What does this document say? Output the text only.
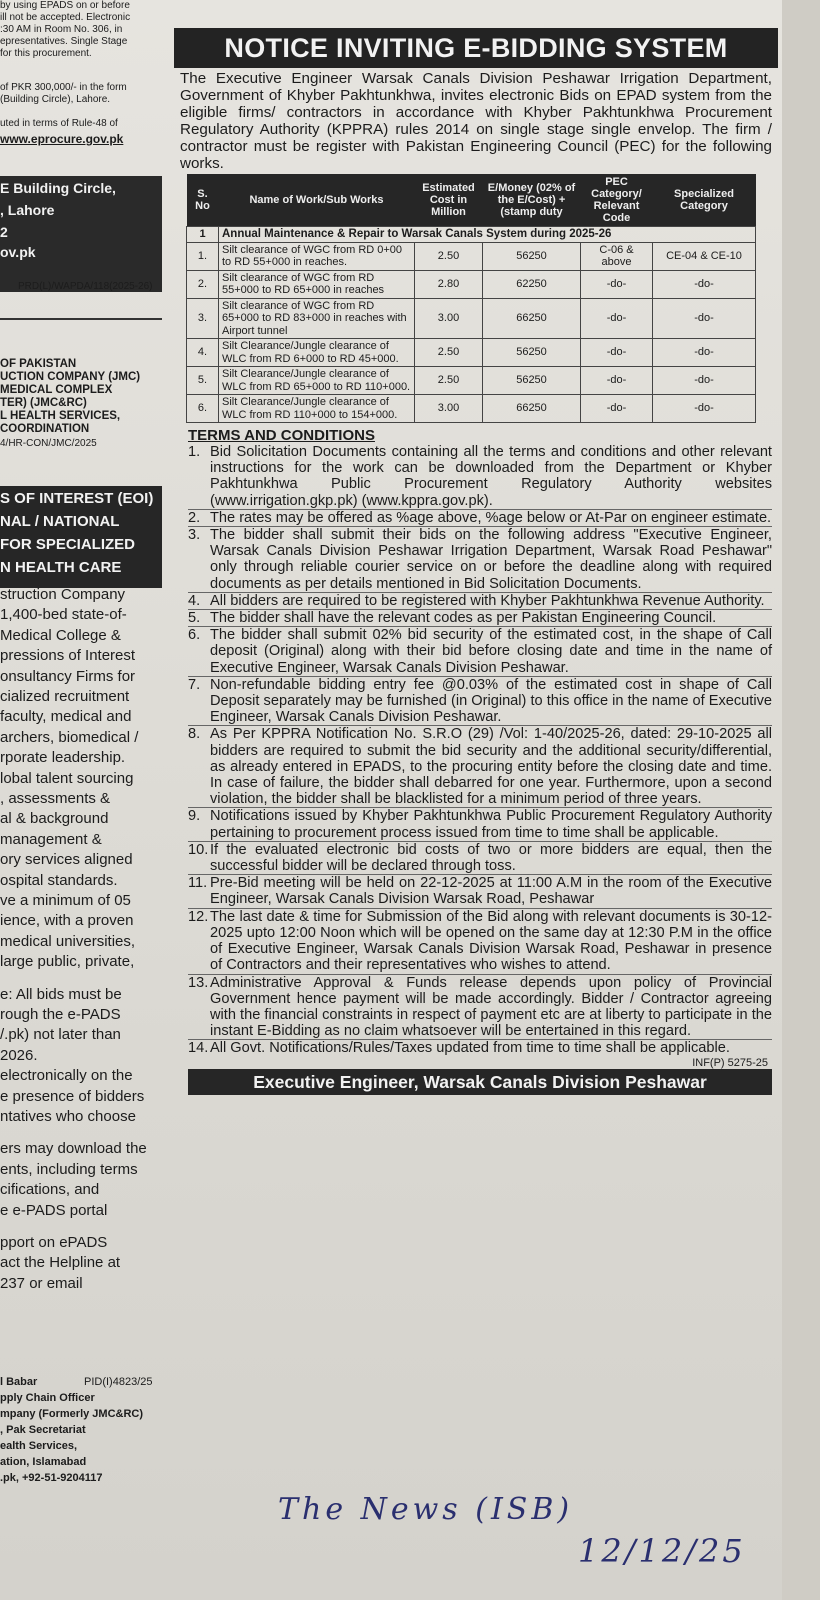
by using EPADS on or before
ill not be accepted. Electronic
:30 AM in Room No. 306, in
epresentatives. Single Stage
for this procurement.
of PKR 300,000/- in the form
(Building Circle), Lahore.
uted in terms of Rule-48 of
www.eprocure.gov.pk
E Building Circle,
, Lahore
2
ov.pk
PRD(L)/WAPDA/118(2025-26)
OF PAKISTAN
UCTION COMPANY (JMC)
MEDICAL COMPLEX
TER) (JMC&RC)
L HEALTH SERVICES,
COORDINATION
4/HR-CON/JMC/2025
S OF INTEREST (EOI)
NAL / NATIONAL
FOR SPECIALIZED
N HEALTH CARE
struction Company
1,400-bed state-of-
Medical College &
pressions of Interest
onsultancy Firms for
cialized recruitment
faculty, medical and
archers, biomedical /
rporate leadership.
lobal talent sourcing
, assessments &
al & background
management &
ory services aligned
ospital standards.
ve a minimum of 05
ience, with a proven
medical universities,
large public, private,
e: All bids must be
rough the e-PADS
/.pk) not later than
2026.
electronically on the
e presence of bidders
ntatives who choose
ers may download the
ents, including terms
cifications, and
e e-PADS portal
pport on ePADS
act the Helpline at
237 or email
l Babar	PID(I)4823/25
pply Chain Officer
mpany (Formerly JMC&RC)
, Pak Secretariat
ealth Services,
ation, Islamabad
.pk, +92-51-9204117
NOTICE INVITING E-BIDDING SYSTEM
The Executive Engineer Warsak Canals Division Peshawar Irrigation Department, Government of Khyber Pakhtunkhwa, invites electronic Bids on EPAD system from the eligible firms/ contractors in accordance with Khyber Pakhtunkhwa Procurement Regulatory Authority (KPPRA) rules 2014 on single stage single envelop. The firm / contractor must be register with Pakistan Engineering Council (PEC) for the following works.
S. No	Name of Work/Sub Works	Estimated Cost in Million	E/Money (02% of the E/Cost) + (stamp duty	PEC Category/ Relevant Code	Specialized Category
1	Annual Maintenance & Repair to Warsak Canals System during 2025-26				
1.	Silt clearance of WGC from RD 0+00 to RD 55+000 in reaches.	2.50	56250	C-06 & above	CE-04 & CE-10
2.	Silt clearance of WGC from RD 55+000 to RD 65+000 in reaches	2.80	62250	-do-	-do-
3.	Silt clearance of WGC from RD 65+000 to RD 83+000 in reaches with Airport tunnel	3.00	66250	-do-	-do-
4.	Silt Clearance/Jungle clearance of WLC from RD 6+000 to RD 45+000.	2.50	56250	-do-	-do-
5.	Silt Clearance/Jungle clearance of WLC from RD 65+000 to RD 110+000.	2.50	56250	-do-	-do-
6.	Silt Clearance/Jungle clearance of WLC from RD 110+000 to 154+000.	3.00	66250	-do-	-do-
TERMS AND CONDITIONS
1. Bid Solicitation Documents containing all the terms and conditions and other relevant instructions for the work can be downloaded from the Department or Khyber Pakhtunkhwa Public Procurement Regulatory Authority websites (www.irrigation.gkp.pk) (www.kppra.gov.pk).
2. The rates may be offered as %age above, %age below or At-Par on engineer estimate.
3. The bidder shall submit their bids on the following address "Executive Engineer, Warsak Canals Division Peshawar Irrigation Department, Warsak Road Peshawar" only through reliable courier service on or before the deadline along with required documents as per details mentioned in Bid Solicitation Documents.
4. All bidders are required to be registered with Khyber Pakhtunkhwa Revenue Authority.
5. The bidder shall have the relevant codes as per Pakistan Engineering Council.
6. The bidder shall submit 02% bid security of the estimated cost, in the shape of Call deposit (Original) along with their bid before closing date and time in the name of Executive Engineer, Warsak Canals Division Peshawar.
7. Non-refundable bidding entry fee @0.03% of the estimated cost in shape of Call Deposit separately may be furnished (in Original) to this office in the name of Executive Engineer, Warsak Canals Division Peshawar.
8. As Per KPPRA Notification No. S.R.O (29) /Vol: 1-40/2025-26, dated: 29-10-2025 all bidders are required to submit the bid security and the additional security/differential, as already entered in EPADS, to the procuring entity before the closing date and time. In case of failure, the bidder shall debarred for one year. Furthermore, upon a second violation, the bidder shall be blacklisted for a minimum period of three years.
9. Notifications issued by Khyber Pakhtunkhwa Public Procurement Regulatory Authority pertaining to procurement process issued from time to time shall be applicable.
10. If the evaluated electronic bid costs of two or more bidders are equal, then the successful bidder will be declared through toss.
11. Pre-Bid meeting will be held on 22-12-2025 at 11:00 A.M in the room of the Executive Engineer, Warsak Canals Division Warsak Road, Peshawar
12. The last date & time for Submission of the Bid along with relevant documents is 30-12-2025 upto 12:00 Noon which will be opened on the same day at 12:30 P.M in the office of Executive Engineer, Warsak Canals Division Warsak Road, Peshawar in presence of Contractors and their representatives who wishes to attend.
13. Administrative Approval & Funds release depends upon policy of Provincial Government hence payment will be made accordingly. Bidder / Contractor agreeing with the financial constraints in respect of payment etc are at liberty to participate in the instant E-Bidding as no claim whatsoever will be entertained in this regard.
14. All Govt. Notifications/Rules/Taxes updated from time to time shall be applicable.
INF(P) 5275-25
Executive Engineer, Warsak Canals Division Peshawar
The News (ISB)
12/12/25
